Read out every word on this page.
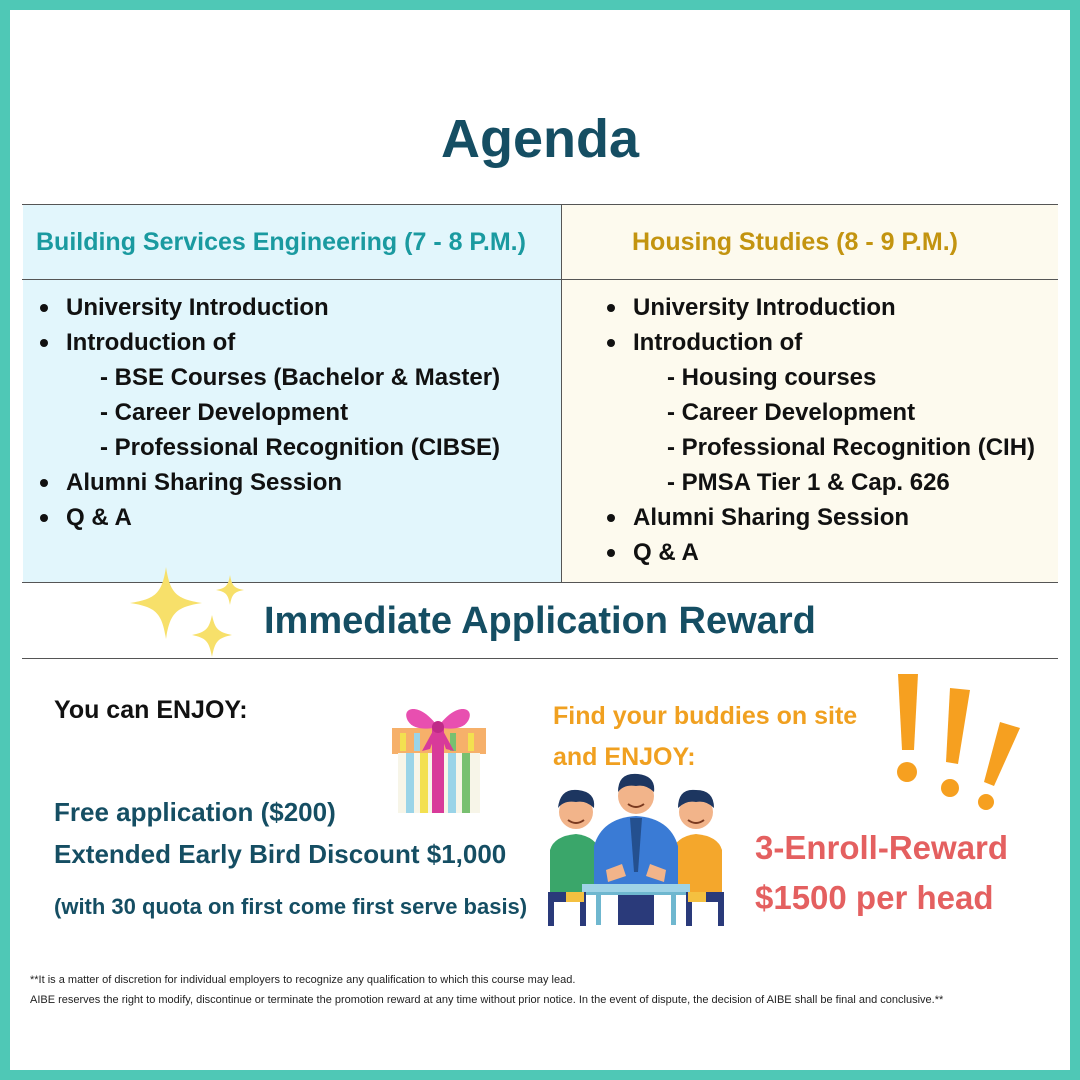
Agenda
Building Services Engineering (7 - 8 P.M.)	Housing Studies (8 - 9 P.M.)
University Introduction
Introduction of
- BSE Courses (Bachelor & Master)
- Career Development
- Professional Recognition (CIBSE)
Alumni Sharing Session
Q & A
University Introduction
Introduction of
- Housing courses
- Career Development
- Professional Recognition (CIH)
- PMSA Tier 1 & Cap. 626
Alumni Sharing Session
Q & A
Immediate Application Reward
You can ENJOY:
Free application ($200)
Extended Early Bird Discount $1,000
(with 30 quota on first come first serve basis)
Find your buddies on site
and ENJOY:
3-Enroll-Reward
$1500 per head
**It is a matter of discretion for individual employers to recognize any qualification to which this course may lead.
AIBE reserves the right to modify, discontinue or terminate the promotion reward at any time without prior notice. In the event of dispute, the decision of AIBE shall be final and conclusive.**
